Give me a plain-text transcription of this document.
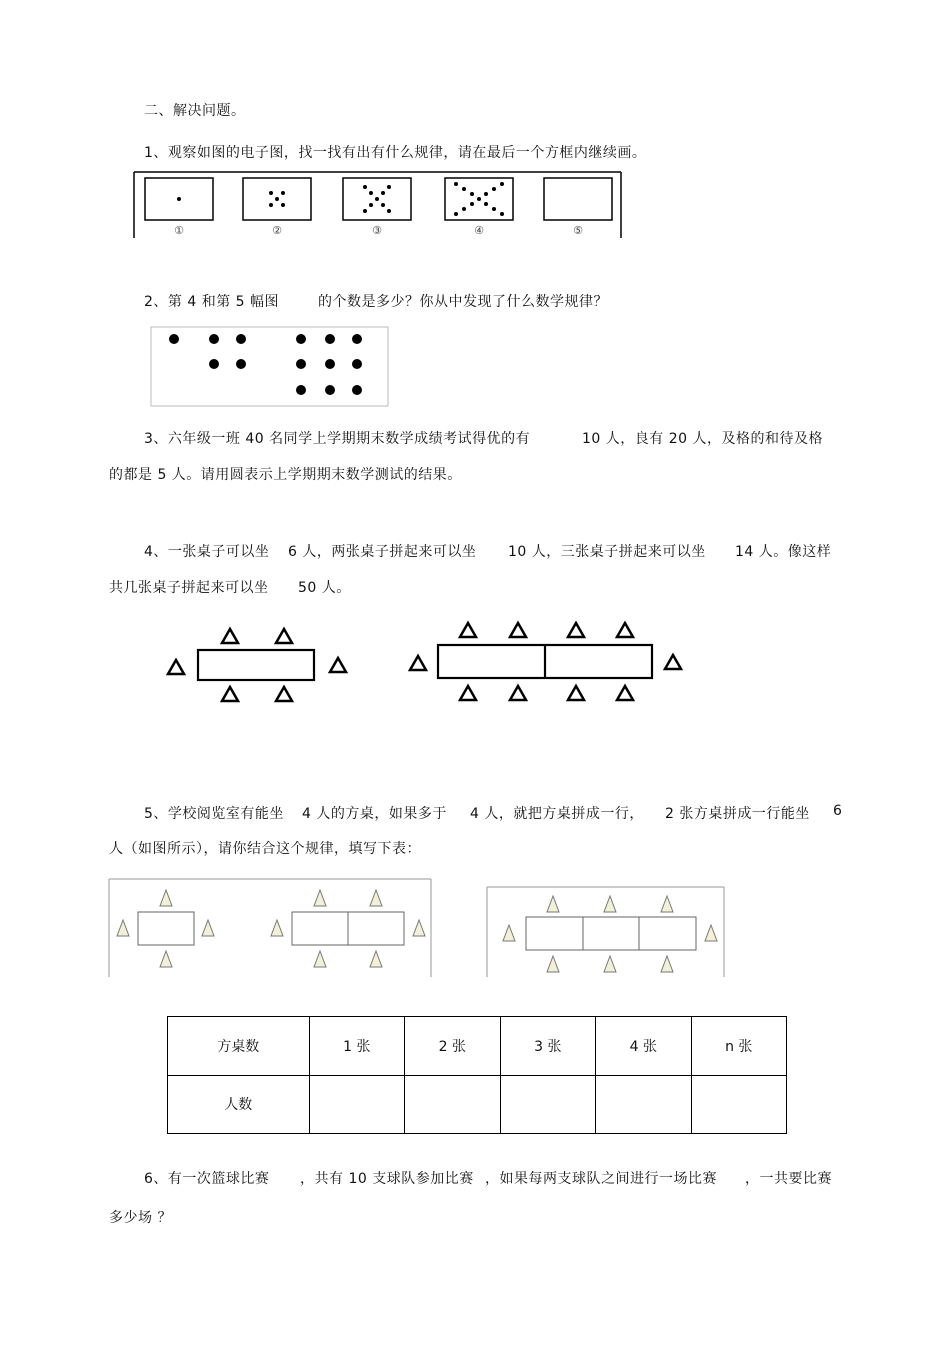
二、解决问题。
1、观察如图的电子图，找一找有出有什么规律，请在最后一个方框内继续画。
①	②	③	④	⑤
2、第 4 和第 5 幅图	的个数是多少？你从中发现了什么数学规律？
3、六年级一班 40 名同学上学期期末数学成绩考试得优的有	10 人，良有 20 人，及格的和待及格
的都是 5 人。请用圆表示上学期期末数学测试的结果。
4、一张桌子可以坐 6 人，两张桌子拼起来可以坐 10 人，三张桌子拼起来可以坐 14 人。像这样
共几张桌子拼起来可以坐 50 人。
5、学校阅览室有能坐 4 人的方桌，如果多于 4 人，就把方桌拼成一行， 2 张方桌拼成一行能坐 6
人（如图所示），请你结合这个规律，填写下表：
方桌数	1 张	2 张	3 张	4 张	n 张
人数					
6、有一次篮球比赛 ，共有 10 支球队参加比赛 ，如果每两支球队之间进行一场比赛 ，一共要比赛
多少场 ？
